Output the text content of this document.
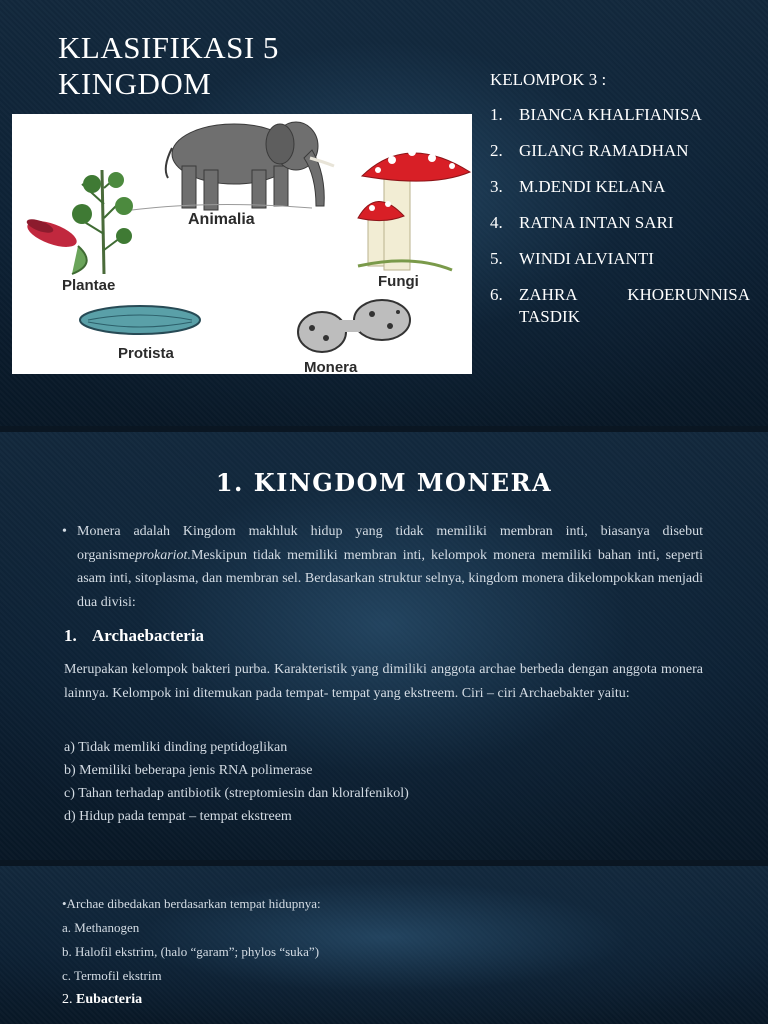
KLASIFIKASI 5
KINGDOM
Animalia
Plantae	Fungi
Protista
Monera
KELOMPOK 3 :
1. BIANCA KHALFIANISA
2. GILANG RAMADHAN
3. M.DENDI KELANA
4. RATNA INTAN SARI
5. WINDI ALVIANTI
6. ZAHRA	KHOERUNNISA
TASDIK
1. KINGDOM MONERA
• Monera adalah Kingdom makhluk hidup yang tidak memiliki membran inti, biasanya disebut organismeprokariot.Meskipun tidak memiliki membran inti, kelompok monera memiliki bahan inti, seperti asam inti, sitoplasma, dan membran sel. Berdasarkan struktur selnya, kingdom monera dikelompokkan menjadi dua divisi:
1. Archaebacteria
Merupakan kelompok bakteri purba. Karakteristik yang dimiliki anggota archae berbeda dengan anggota monera lainnya. Kelompok ini ditemukan pada tempat- tempat yang ekstreem. Ciri – ciri Archaebakter yaitu:
a) Tidak memliki dinding peptidoglikan
b) Memiliki beberapa jenis RNA polimerase
c) Tahan terhadap antibiotik (streptomiesin dan kloralfenikol)
d) Hidup pada tempat – tempat ekstreem
•Archae dibedakan berdasarkan tempat hidupnya:
a. Methanogen
b. Halofil ekstrim, (halo “garam”; phylos “suka”)
c. Termofil ekstrim
2. Eubacteria
